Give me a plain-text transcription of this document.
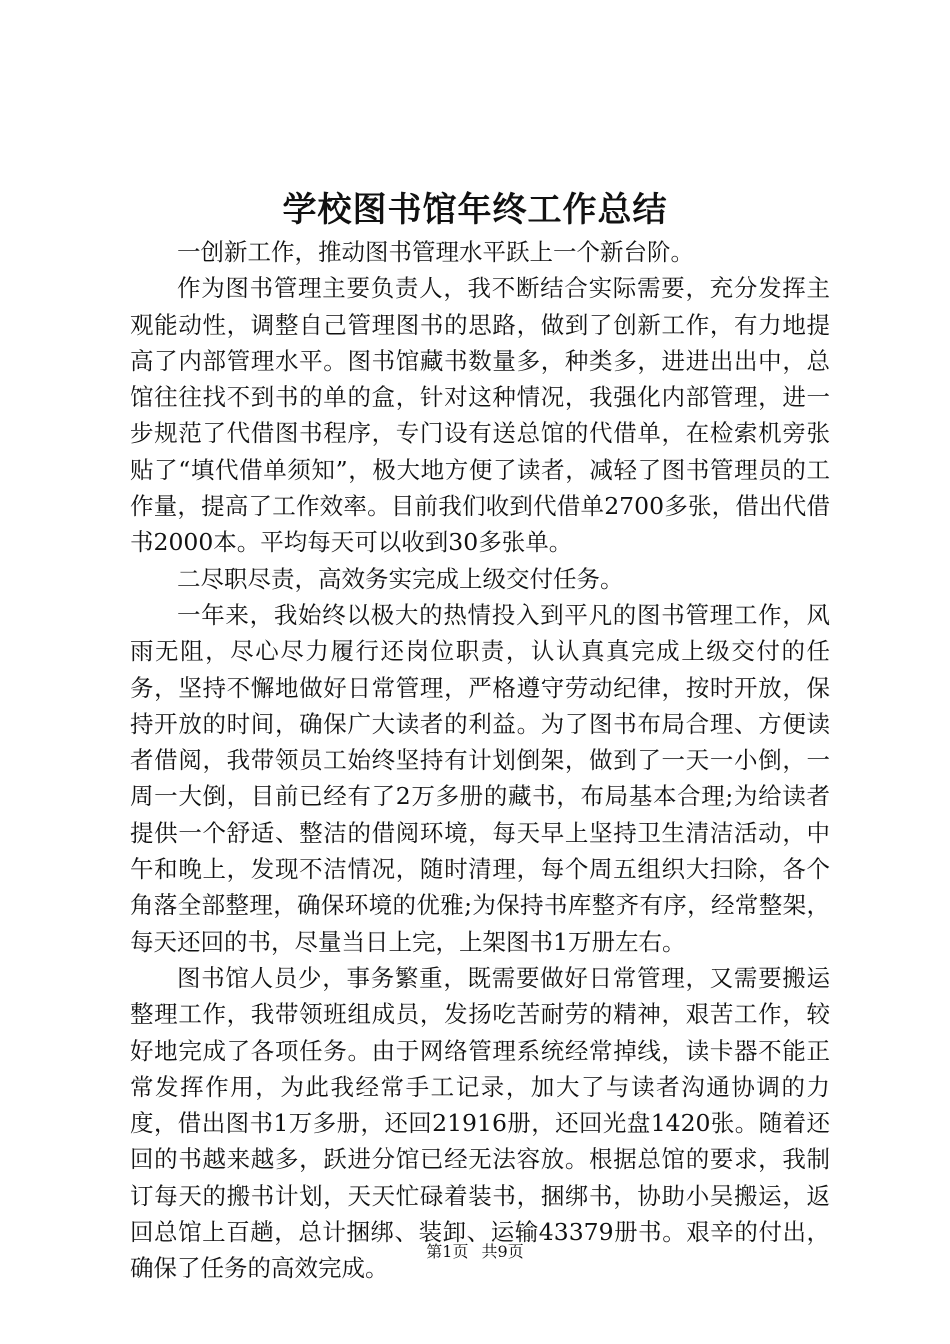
学校图书馆年终工作总结

一创新工作，推动图书管理水平跃上一个新台阶。

作为图书管理主要负责人，我不断结合实际需要，充分发挥主观能动性，调整自己管理图书的思路，做到了创新工作，有力地提高了内部管理水平。图书馆藏书数量多，种类多，进进出出中，总馆往往找不到书的单的盒，针对这种情况，我强化内部管理，进一步规范了代借图书程序，专门设有送总馆的代借单，在检索机旁张贴了“填代借单须知”，极大地方便了读者，减轻了图书管理员的工作量，提高了工作效率。目前我们收到代借单2700多张，借出代借书2000本。平均每天可以收到30多张单。

二尽职尽责，高效务实完成上级交付任务。

一年来，我始终以极大的热情投入到平凡的图书管理工作，风雨无阻，尽心尽力履行还岗位职责，认认真真完成上级交付的任务，坚持不懈地做好日常管理，严格遵守劳动纪律，按时开放，保持开放的时间，确保广大读者的利益。为了图书布局合理、方便读者借阅，我带领员工始终坚持有计划倒架，做到了一天一小倒，一周一大倒，目前已经有了2万多册的藏书，布局基本合理;为给读者提供一个舒适、整洁的借阅环境，每天早上坚持卫生清洁活动，中午和晚上，发现不洁情况，随时清理，每个周五组织大扫除，各个角落全部整理，确保环境的优雅;为保持书库整齐有序，经常整架，每天还回的书，尽量当日上完，上架图书1万册左右。

图书馆人员少，事务繁重，既需要做好日常管理，又需要搬运整理工作，我带领班组成员，发扬吃苦耐劳的精神，艰苦工作，较好地完成了各项任务。由于网络管理系统经常掉线，读卡器不能正常发挥作用，为此我经常手工记录，加大了与读者沟通协调的力度，借出图书1万多册，还回21916册，还回光盘1420张。随着还回的书越来越多，跃进分馆已经无法容放。根据总馆的要求，我制订每天的搬书计划，天天忙碌着装书，捆绑书，协助小吴搬运，返回总馆上百趟，总计捆绑、装卸、运输43379册书。艰辛的付出，确保了任务的高效完成。

第1页 共9页
